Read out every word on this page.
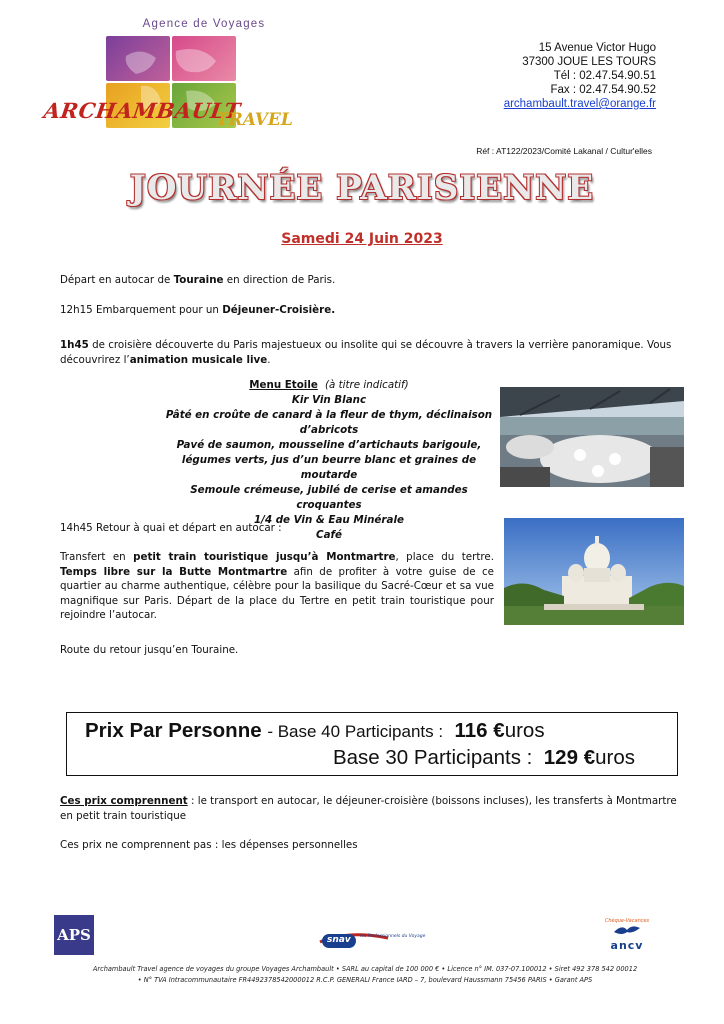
Agence de Voyages
ARCHAMBAULT
TRAVEL
15 Avenue Victor Hugo
37300 JOUE LES TOURS
Tél : 02.47.54.90.51
Fax : 02.47.54.90.52
archambault.travel@orange.fr
Réf : AT122/2023/Comité Lakanal / Cultur'elles
JOURNÉE PARISIENNE
Samedi 24 Juin 2023
Départ en autocar de Touraine en direction de Paris.
12h15 Embarquement pour un Déjeuner-Croisière.
1h45 de croisière découverte du Paris majestueux ou insolite qui se découvre à travers la verrière panoramique. Vous découvrirez l’animation musicale live.
Menu Etoile (à titre indicatif)
Kir Vin Blanc
Pâté en croûte de canard à la fleur de thym, déclinaison d’abricots
Pavé de saumon, mousseline d’artichauts barigoule, légumes verts, jus d’un beurre blanc et graines de moutarde
Semoule crémeuse, jubilé de cerise et amandes croquantes
1/4 de Vin & Eau Minérale
Café
14h45 Retour à quai et départ en autocar :
Transfert en petit train touristique jusqu’à Montmartre, place du tertre. Temps libre sur la Butte Montmartre afin de profiter à votre guise de ce quartier au charme authentique, célèbre pour la basilique du Sacré-Cœur et sa vue magnifique sur Paris. Départ de la place du Tertre en petit train touristique pour rejoindre l’autocar.
Route du retour jusqu’en Touraine.
Prix Par Personne - Base 40 Participants : 116 €uros
Base 30 Participants : 129 €uros
Ces prix comprennent : le transport en autocar, le déjeuner-croisière (boissons incluses), les transferts à Montmartre en petit train touristique
Ces prix ne comprennent pas : les dépenses personnelles
APS	snav les Professionnels du Voyage
Chèque-Vacances
ancv
Archambault Travel agence de voyages du groupe Voyages Archambault • SARL au capital de 100 000 € • Licence n° IM. 037-07.100012 • Siret 492 378 542 00012
• N° TVA Intracommunautaire FR4492378542000012 R.C.P. GENERALI France IARD – 7, boulevard Haussmann 75456 PARIS • Garant APS
